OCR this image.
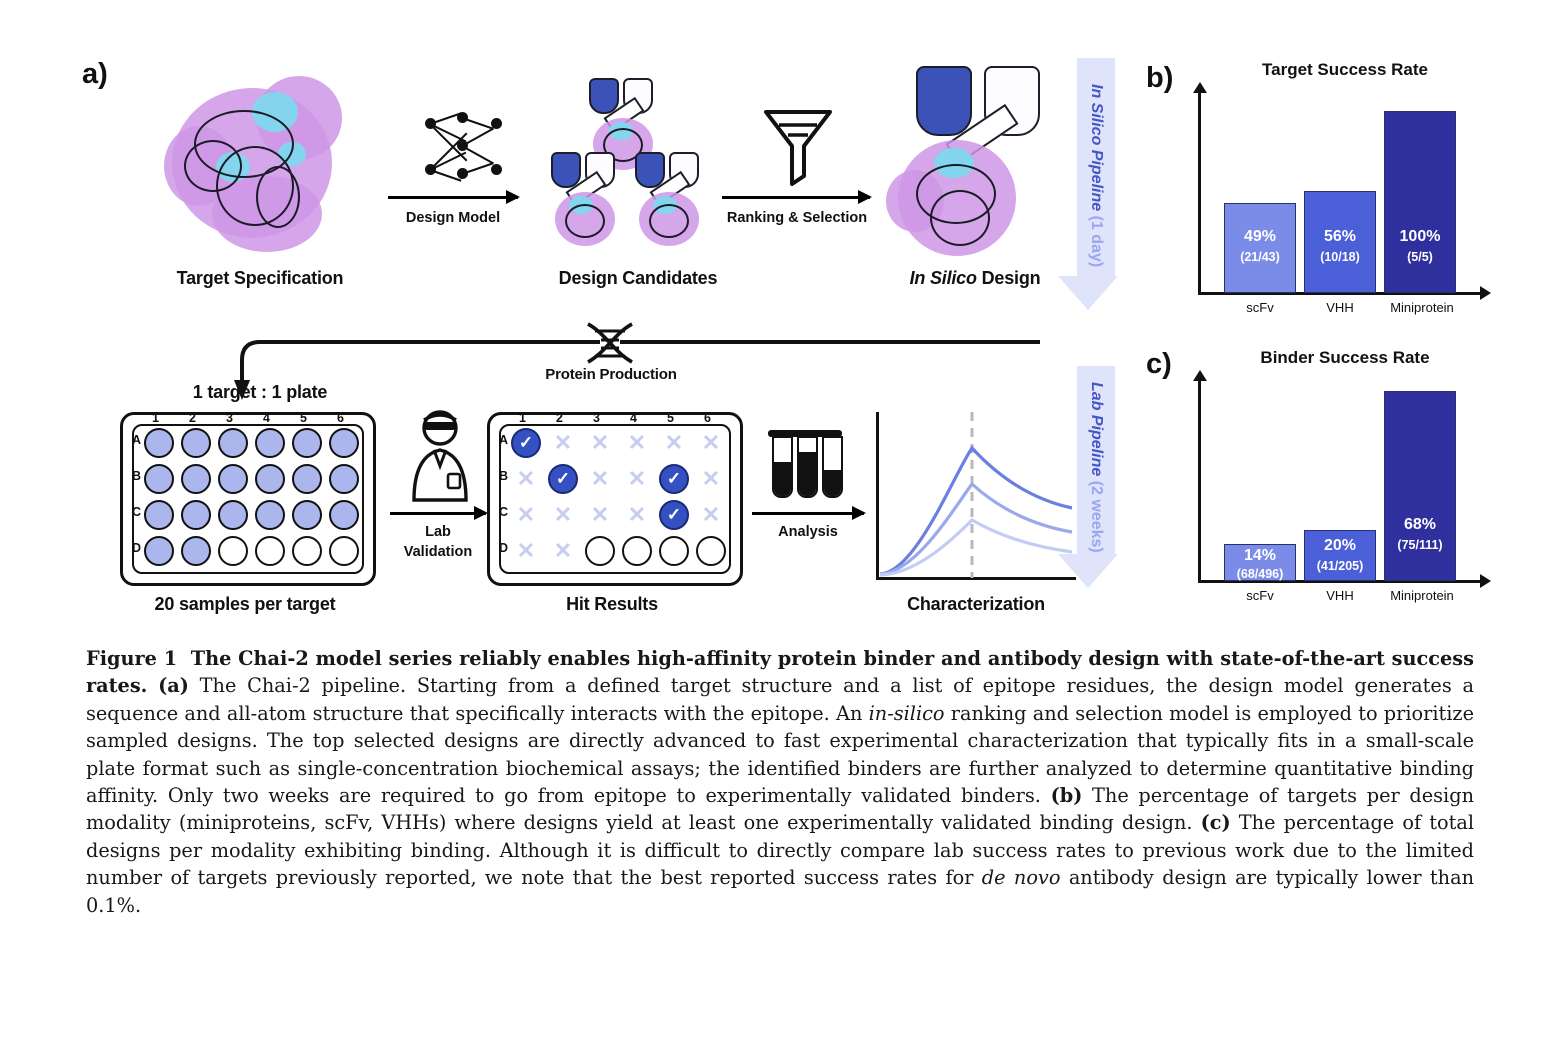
a)	b)
c)
Target Specification
Design Model
Design Candidates
Ranking & Selection
In Silico Design
Protein Production
1 target : 1 plate
1 2 3 4 5 6
A
B
C
D
20 samples per target
Lab
Validation
1 2 3 4 5 6
A
B
C
D
✓ ✕ ✕ ✕ ✕ ✕
✕	✓ ✕ ✕	✓ ✕
✕ ✕ ✕ ✕	✓ ✕
✕ ✕
Hit Results
Analysis
Characterization
In Silico Pipeline (1 day)
Lab Pipeline (2 weeks)
Target Success Rate
49%
(21/43)
56%
(10/18)
100%
(5/5)
scFv	VHH	Miniprotein
Binder Success Rate
14%
(68/496)
20%
(41/205)
68%
(75/111)
scFv	VHH	Miniprotein
Figure 1 The Chai-2 model series reliably enables high-affinity protein binder and antibody design with state-of-the-art success rates. (a) The Chai-2 pipeline. Starting from a defined target structure and a list of epitope residues, the design model generates a sequence and all-atom structure that specifically interacts with the epitope. An in-silico ranking and selection model is employed to prioritize sampled designs. The top selected designs are directly advanced to fast experimental characterization that typically fits in a small-scale plate format such as single-concentration biochemical assays; the identified binders are further analyzed to determine quantitative binding affinity. Only two weeks are required to go from epitope to experimentally validated binders. (b) The percentage of targets per design modality (miniproteins, scFv, VHHs) where designs yield at least one experimentally validated binding design. (c) The percentage of total designs per modality exhibiting binding. Although it is difficult to directly compare lab success rates to previous work due to the limited number of targets previously reported, we note that the best reported success rates for de novo antibody design are typically lower than 0.1%.
